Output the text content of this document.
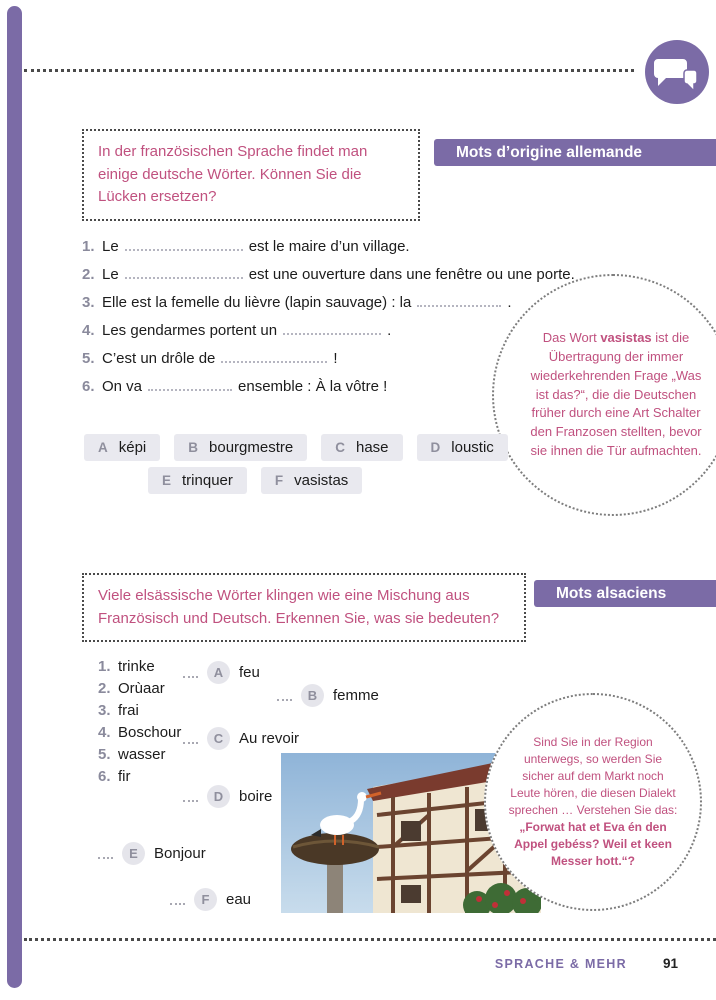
In der französischen Sprache findet man einige deutsche Wörter. Können Sie die Lücken ersetzen?
Mots d’origine allemande
1. Le	est le maire d’un village.
2. Le	est une ouverture dans une fenêtre ou une porte.
3. Elle est la femelle du lièvre (lapin sauvage) : la	.
4. Les gendarmes portent un	.
5. C’est un drôle de	!
6. On va	ensemble : À la vôtre !
A képi	B bourgmestre	C hase	D loustic
E trinquer	F vasistas

Das Wort vasistas ist die Übertragung der immer wiederkehrenden Frage „Was ist das?“, die die Deutschen früher durch eine Art Schalter den Franzosen stellten, bevor sie ihnen die Tür aufmachten.

Viele elsässische Wörter klingen wie eine Mischung aus Französisch und Deutsch. Erkennen Sie, was sie bedeuten?
Mots alsaciens
1. trinke
2. Orùaar
3. frai
4. Boschour
5. wasser
6. fir
A	feu
B	femme
C	Au revoir
D	boire
E	Bonjour
F	eau

Sind Sie in der Region unterwegs, so werden Sie sicher auf dem Markt noch Leute hören, die diesen Dialekt sprechen … Verstehen Sie das: „Forwat hat et Eva én den Appel gebéss? Weil et keen Messer hott.“?

SPRACHE & MEHR	91
